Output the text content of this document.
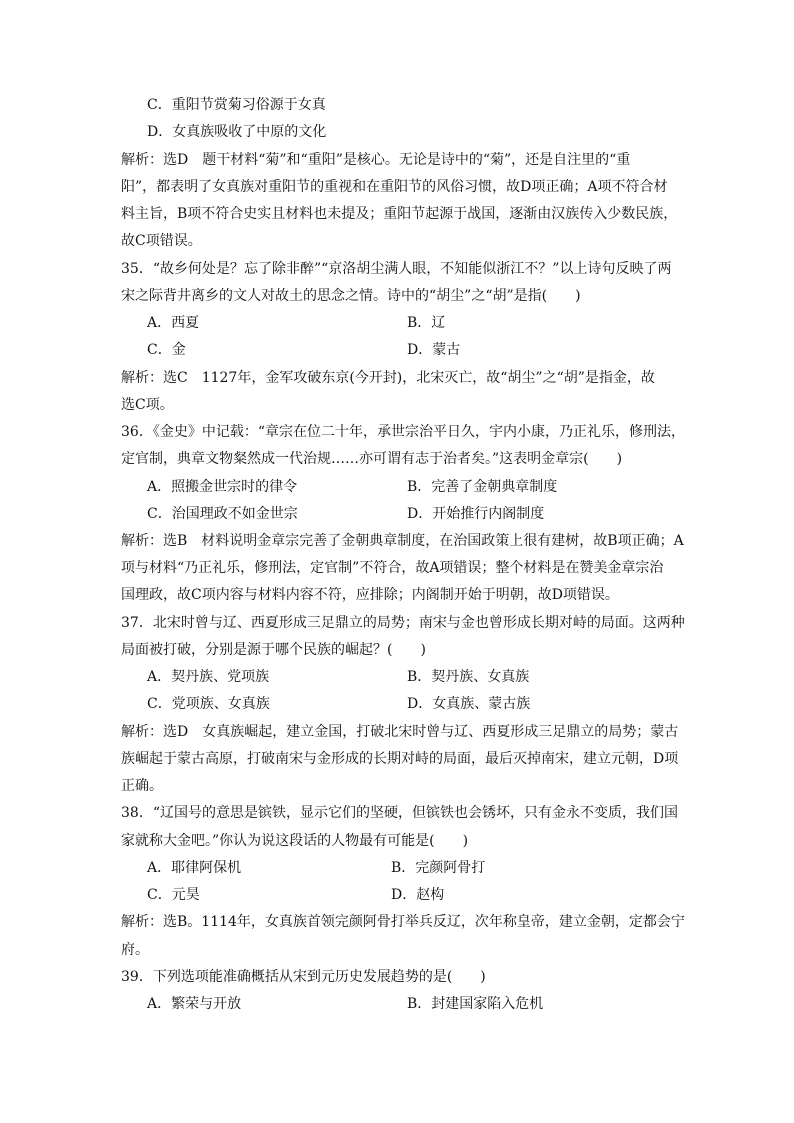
C．重阳节赏菊习俗源于女真
D．女真族吸收了中原的文化
解析：选D　题干材料“菊”和“重阳”是核心。无论是诗中的“菊”，还是自注里的“重
阳”，都表明了女真族对重阳节的重视和在重阳节的风俗习惯，故D项正确；A项不符合材
料主旨，B项不符合史实且材料也未提及；重阳节起源于战国，逐渐由汉族传入少数民族，
故C项错误。
35．“故乡何处是？忘了除非醉”“京洛胡尘满人眼，不知能似浙江不？”以上诗句反映了两
宋之际背井离乡的文人对故土的思念之情。诗中的“胡尘”之“胡”是指(　　)
A．西夏	B．辽
C．金	D．蒙古
解析：选C　1127年，金军攻破东京(今开封)，北宋灭亡，故“胡尘”之“胡”是指金，故
选C项。
36．《金史》中记载：“章宗在位二十年，承世宗治平日久，宇内小康，乃正礼乐，修刑法，
定官制，典章文物粲然成一代治规……亦可谓有志于治者矣。”这表明金章宗(　　)
A．照搬金世宗时的律令	B．完善了金朝典章制度
C．治国理政不如金世宗	D．开始推行内阁制度
解析：选B　材料说明金章宗完善了金朝典章制度，在治国政策上很有建树，故B项正确；A
项与材料“乃正礼乐，修刑法，定官制”不符合，故A项错误；整个材料是在赞美金章宗治
国理政，故C项内容与材料内容不符，应排除；内阁制开始于明朝，故D项错误。
37．北宋时曾与辽、西夏形成三足鼎立的局势；南宋与金也曾形成长期对峙的局面。这两种
局面被打破，分别是源于哪个民族的崛起？(　　)
A．契丹族、党项族	B．契丹族、女真族
C．党项族、女真族	D．女真族、蒙古族
解析：选D　女真族崛起，建立金国，打破北宋时曾与辽、西夏形成三足鼎立的局势；蒙古
族崛起于蒙古高原，打破南宋与金形成的长期对峙的局面，最后灭掉南宋，建立元朝，D项
正确。
38．“辽国号的意思是镔铁，显示它们的坚硬，但镔铁也会锈坏，只有金永不变质，我们国
家就称大金吧。”你认为说这段话的人物最有可能是(　　)
A．耶律阿保机	B．完颜阿骨打
C．元昊	D．赵构
解析：选B。1114年，女真族首领完颜阿骨打举兵反辽，次年称皇帝，建立金朝，定都会宁
府。
39．下列选项能准确概括从宋到元历史发展趋势的是(　　)
A．繁荣与开放	B．封建国家陷入危机
